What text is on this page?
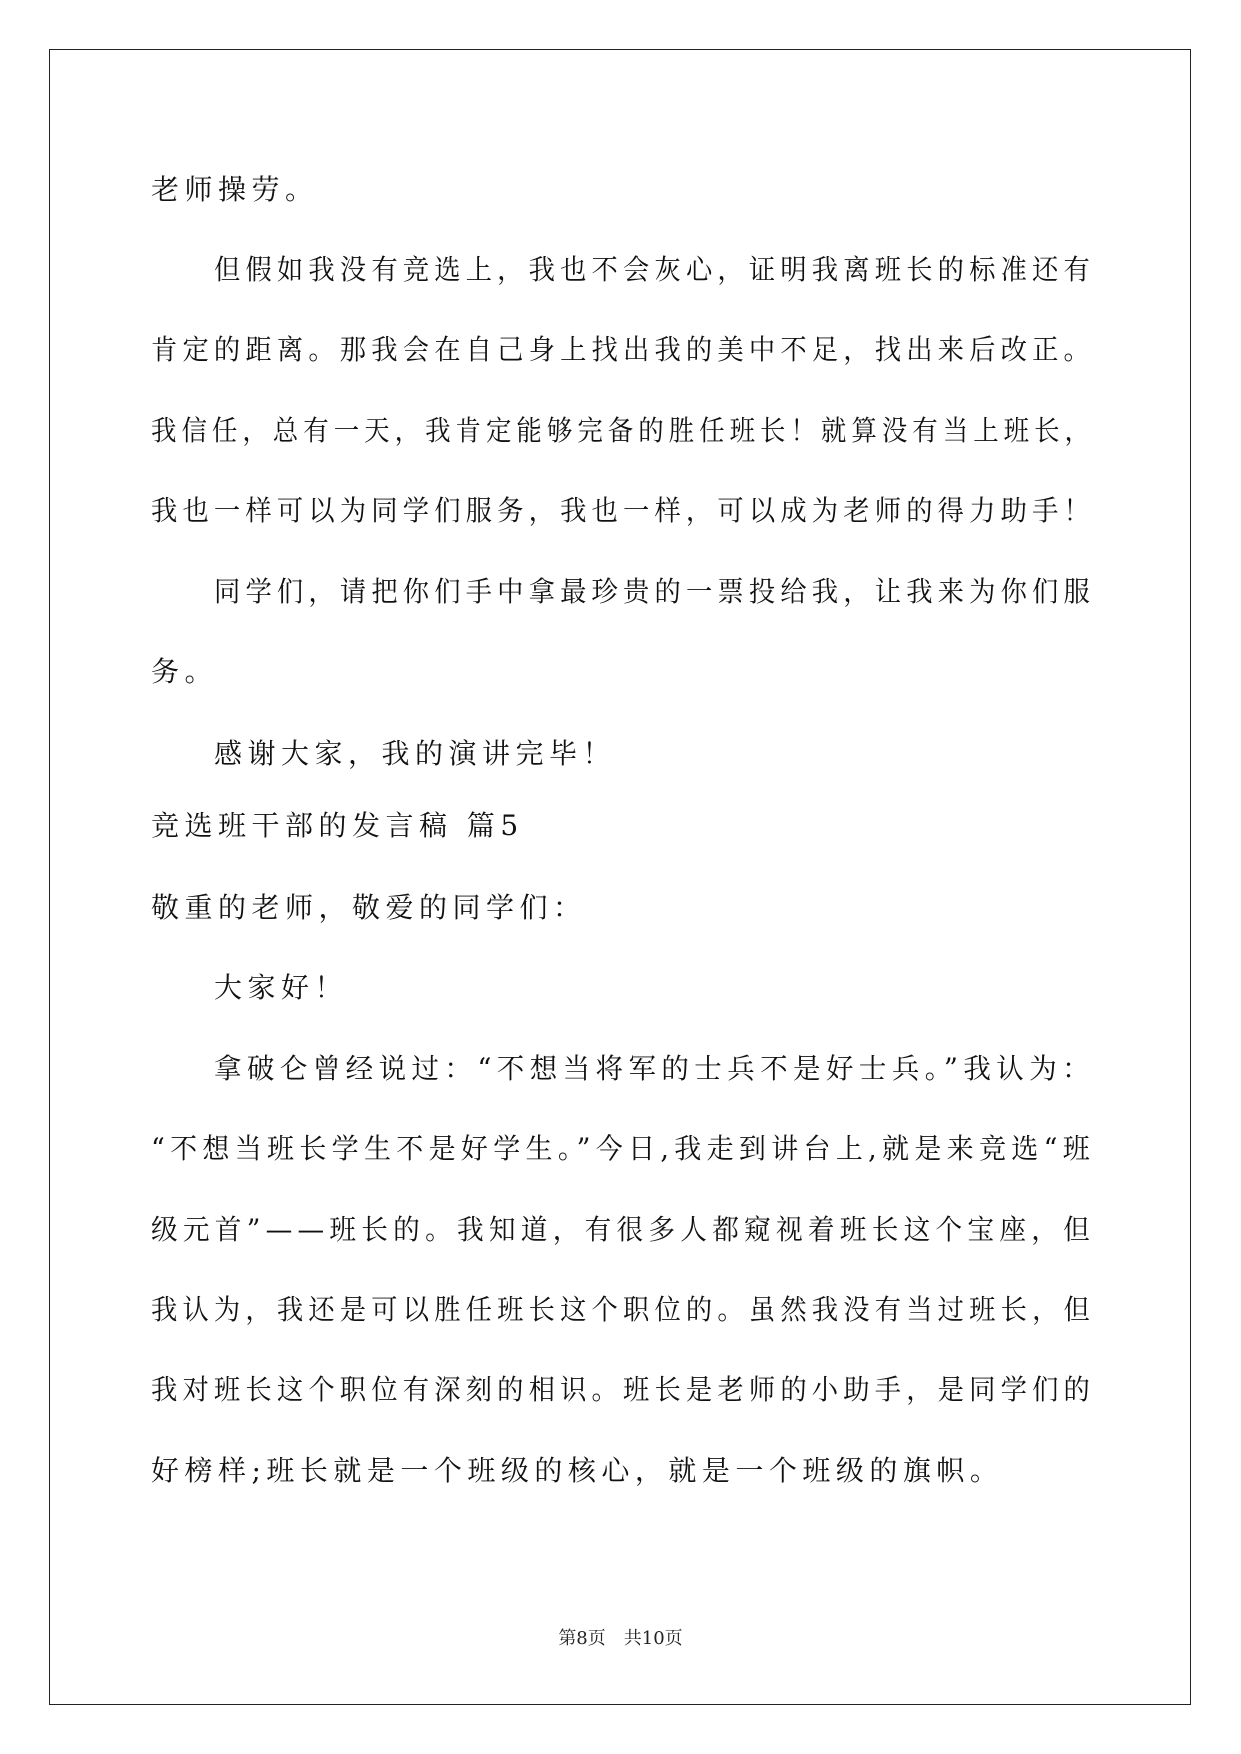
老师操劳。
但假如我没有竞选上，我也不会灰心，证明我离班长的标准还有
肯定的距离。那我会在自己身上找出我的美中不足，找出来后改正。
我信任，总有一天，我肯定能够完备的胜任班长！就算没有当上班长，
我也一样可以为同学们服务，我也一样，可以成为老师的得力助手！
同学们，请把你们手中拿最珍贵的一票投给我，让我来为你们服
务。
感谢大家，我的演讲完毕！
竞选班干部的发言稿 篇5
敬重的老师，敬爱的同学们：
大家好！
拿破仑曾经说过：“不想当将军的士兵不是好士兵。”我认为：
“不想当班长学生不是好学生。”今日,我走到讲台上,就是来竞选“班
级元首”——班长的。我知道，有很多人都窥视着班长这个宝座，但
我认为，我还是可以胜任班长这个职位的。虽然我没有当过班长，但
我对班长这个职位有深刻的相识。班长是老师的小助手，是同学们的
好榜样;班长就是一个班级的核心，就是一个班级的旗帜。
第8页 共10页
